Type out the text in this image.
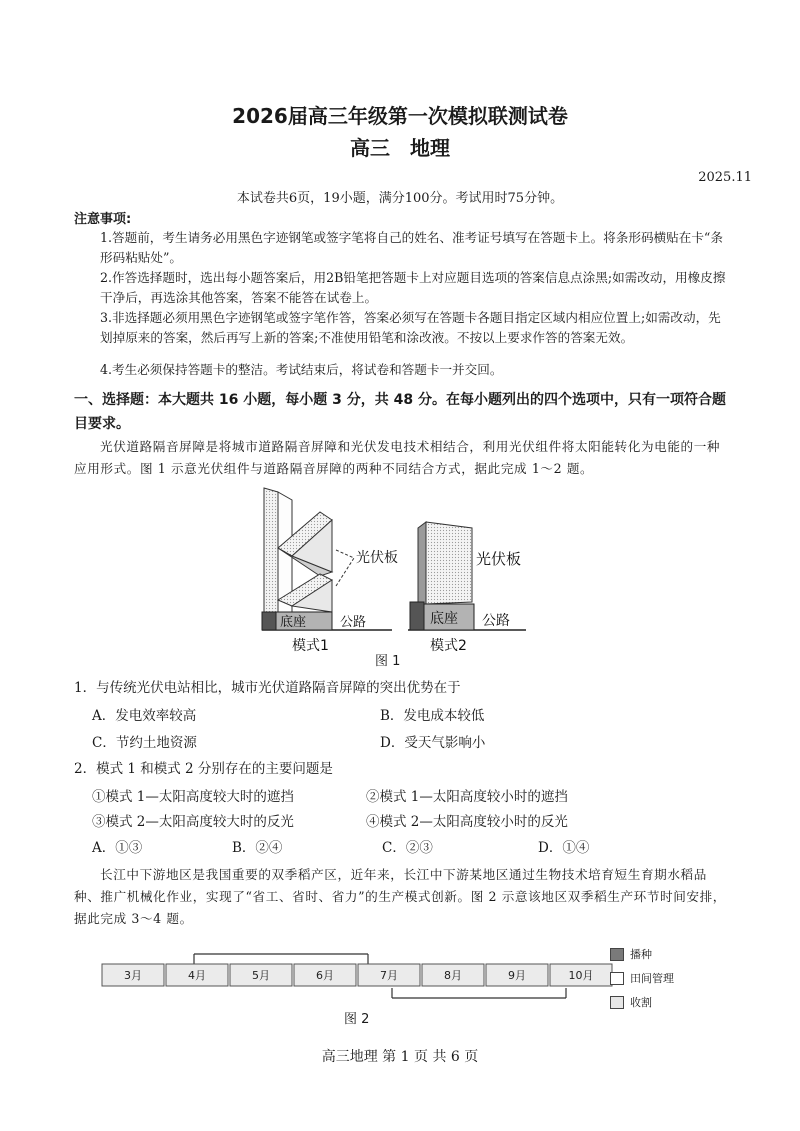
2026届高三年级第一次模拟联测试卷
高三　地理
2025.11
本试卷共6页，19小题，满分100分。考试用时75分钟。
注意事项:
1.答题前，考生请务必用黑色字迹钢笔或签字笔将自己的姓名、准考证号填写在答题卡上。将条形码横贴在卡“条形码粘贴处”。
2.作答选择题时，选出每小题答案后，用2B铅笔把答题卡上对应题目选项的答案信息点涂黑;如需改动，用橡皮擦干净后，再选涂其他答案，答案不能答在试卷上。
3.非选择题必须用黑色字迹钢笔或签字笔作答，答案必须写在答题卡各题目指定区域内相应位置上;如需改动，先划掉原来的答案，然后再写上新的答案;不准使用铅笔和涂改液。不按以上要求作答的答案无效。
4.考生必须保持答题卡的整洁。考试结束后，将试卷和答题卡一并交回。
一、选择题：本大题共 16 小题，每小题 3 分，共 48 分。在每小题列出的四个选项中，只有一项符合题目要求。
光伏道路隔音屏障是将城市道路隔音屏障和光伏发电技术相结合，利用光伏组件将太阳能转化为电能的一种应用形式。图 1 示意光伏组件与道路隔音屏障的两种不同结合方式，据此完成 1～2 题。
底座	公路
光伏板
模式1
底座 公路
光伏板
模式2
图 1
1．与传统光伏电站相比，城市光伏道路隔音屏障的突出优势在于
A．发电效率较高	B．发电成本较低
C．节约土地资源	D．受天气影响小
2．模式 1 和模式 2 分别存在的主要问题是
①模式 1—太阳高度较大时的遮挡	②模式 1—太阳高度较小时的遮挡
③模式 2—太阳高度较大时的反光	④模式 2—太阳高度较小时的反光
A．①③	B．②④	C．②③	D．①④
长江中下游地区是我国重要的双季稻产区，近年来，长江中下游某地区通过生物技术培育短生育期水稻品种、推广机械化作业，实现了“省工、省时、省力”的生产模式创新。图 2 示意该地区双季稻生产环节时间安排，据此完成 3～4 题。
3月	4月	5月	6月	7月	8月	9月	10月
播种
田间管理
收割
图 2
高三地理 第 1 页 共 6 页
